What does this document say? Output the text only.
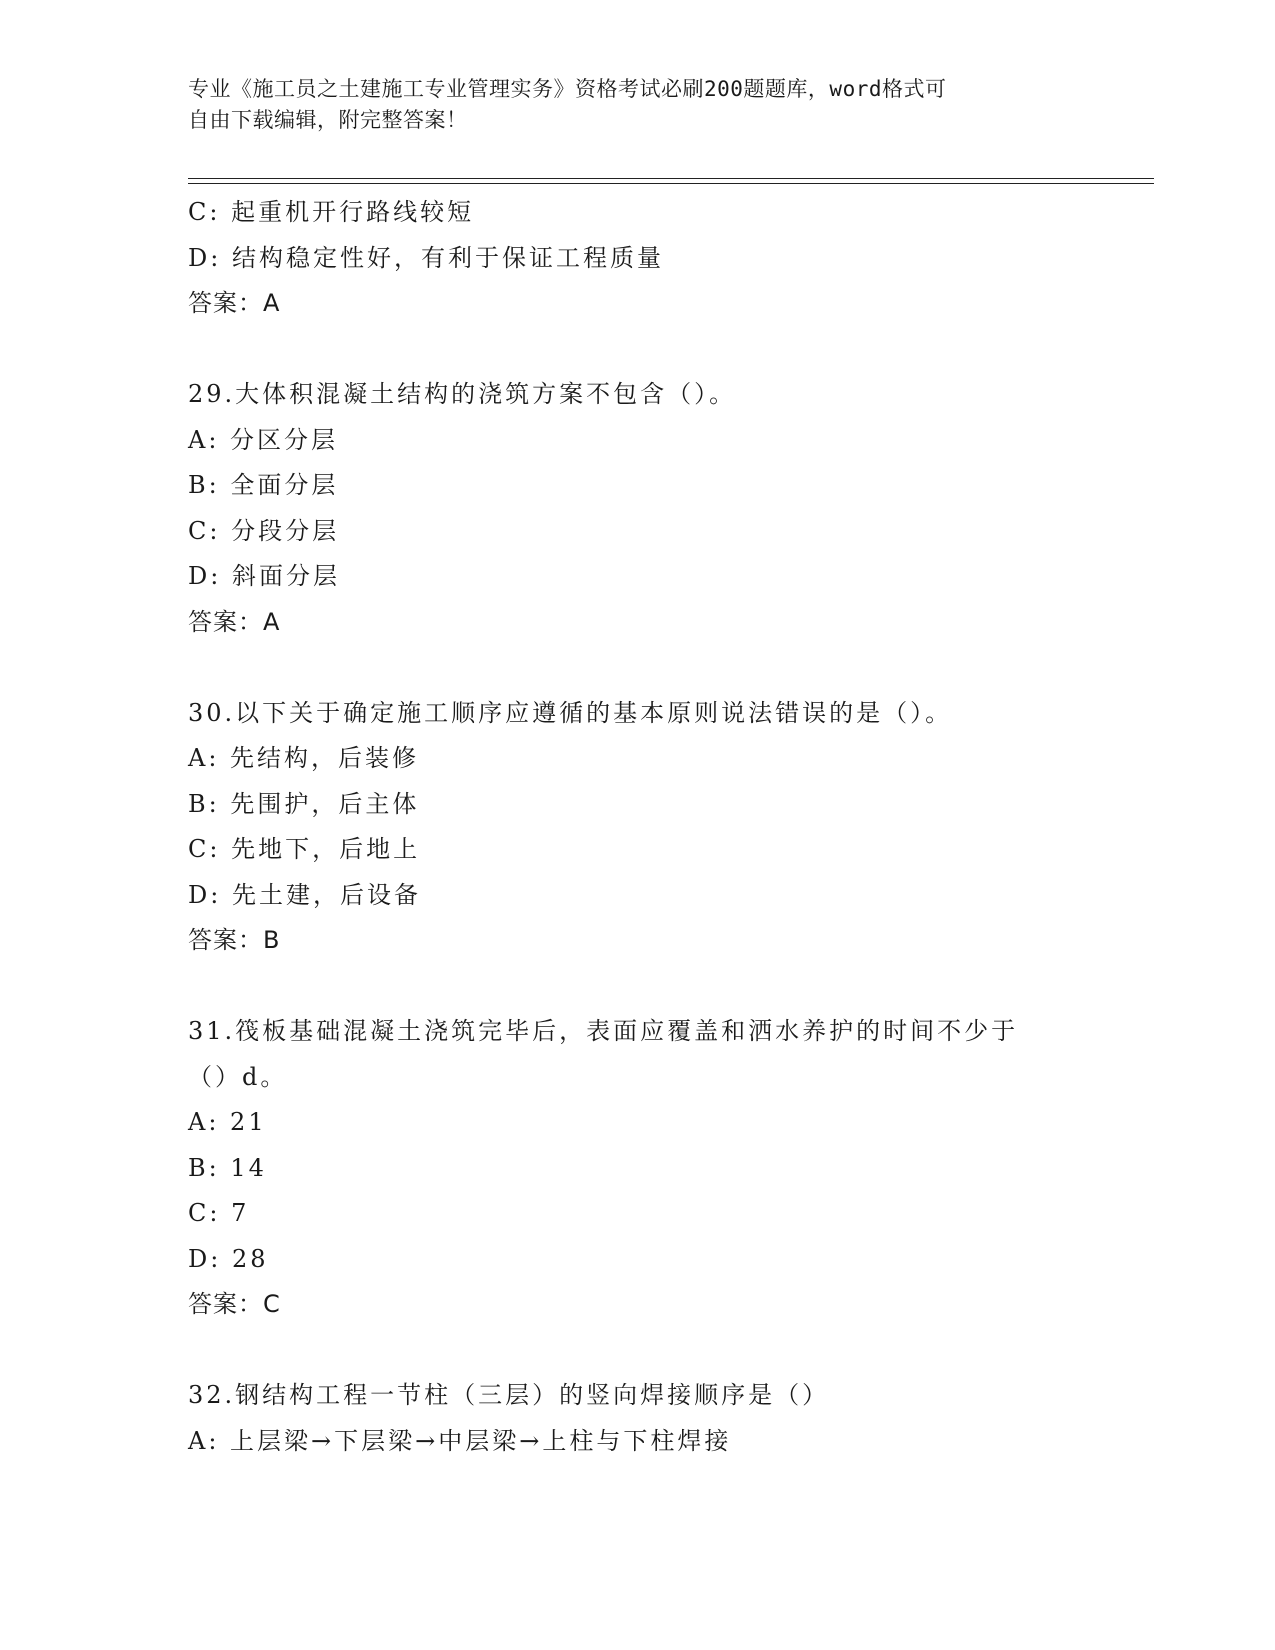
专业《施工员之土建施工专业管理实务》资格考试必刷200题题库，word格式可
自由下载编辑，附完整答案！
C: 起重机开行路线较短
D: 结构稳定性好，有利于保证工程质量
答案：A
29.大体积混凝土结构的浇筑方案不包含（）。
A: 分区分层
B: 全面分层
C: 分段分层
D: 斜面分层
答案：A
30.以下关于确定施工顺序应遵循的基本原则说法错误的是（）。
A: 先结构，后装修
B: 先围护，后主体
C: 先地下，后地上
D: 先土建，后设备
答案：B
31.筏板基础混凝土浇筑完毕后，表面应覆盖和洒水养护的时间不少于
（）d。
A: 21
B: 14
C: 7
D: 28
答案：C
32.钢结构工程一节柱（三层）的竖向焊接顺序是（）
A: 上层梁→下层梁→中层梁→上柱与下柱焊接
